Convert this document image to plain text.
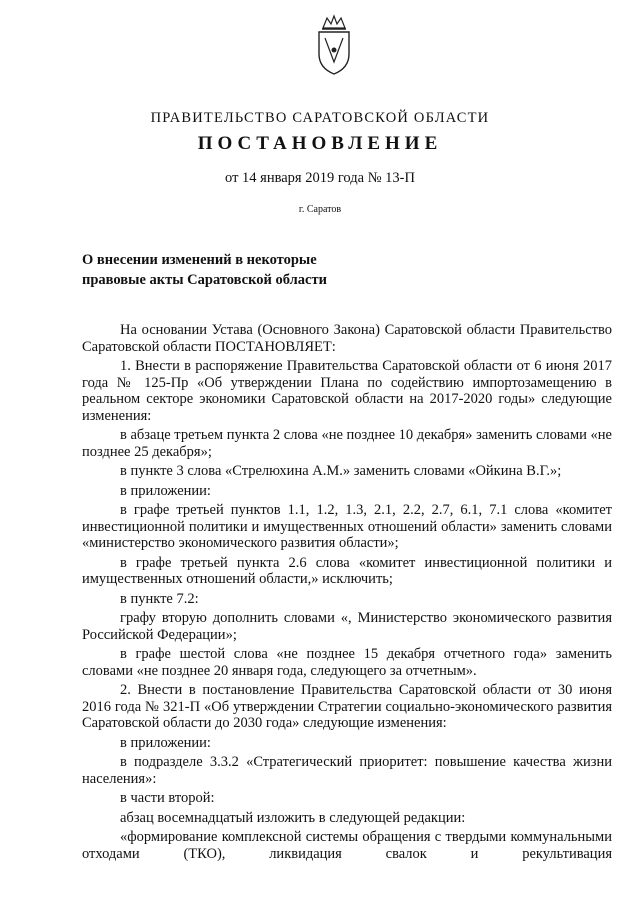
ПРАВИТЕЛЬСТВО САРАТОВСКОЙ ОБЛАСТИ
ПОСТАНОВЛЕНИЕ
от 14 января 2019 года № 13-П
г. Саратов
О внесении изменений в некоторые
правовые акты Саратовской области

На основании Устава (Основного Закона) Саратовской области Правительство Саратовской области ПОСТАНОВЛЯЕТ:

1. Внести в распоряжение Правительства Саратовской области от 6 июня 2017 года № 125-Пр «Об утверждении Плана по содействию импортозамещению в реальном секторе экономики Саратовской области на 2017-2020 годы» следующие изменения:

в абзаце третьем пункта 2 слова «не позднее 10 декабря» заменить словами «не позднее 25 декабря»;

в пункте 3 слова «Стрелюхина А.М.» заменить словами «Ойкина В.Г.»;

в приложении:

в графе третьей пунктов 1.1, 1.2, 1.3, 2.1, 2.2, 2.7, 6.1, 7.1 слова «комитет инвестиционной политики и имущественных отношений области» заменить словами «министерство экономического развития области»;

в графе третьей пункта 2.6 слова «комитет инвестиционной политики и имущественных отношений области,» исключить;

в пункте 7.2:

графу вторую дополнить словами «, Министерство экономического развития Российской Федерации»;

в графе шестой слова «не позднее 15 декабря отчетного года» заменить словами «не позднее 20 января года, следующего за отчетным».

2. Внести в постановление Правительства Саратовской области от 30 июня 2016 года № 321-П «Об утверждении Стратегии социально-экономического развития Саратовской области до 2030 года» следующие изменения:

в приложении:

в подразделе 3.3.2 «Стратегический приоритет: повышение качества жизни населения»:

в части второй:

абзац восемнадцатый изложить в следующей редакции:

«формирование комплексной системы обращения с твердыми коммунальными отходами (ТКО), ликвидация свалок и рекультивация
